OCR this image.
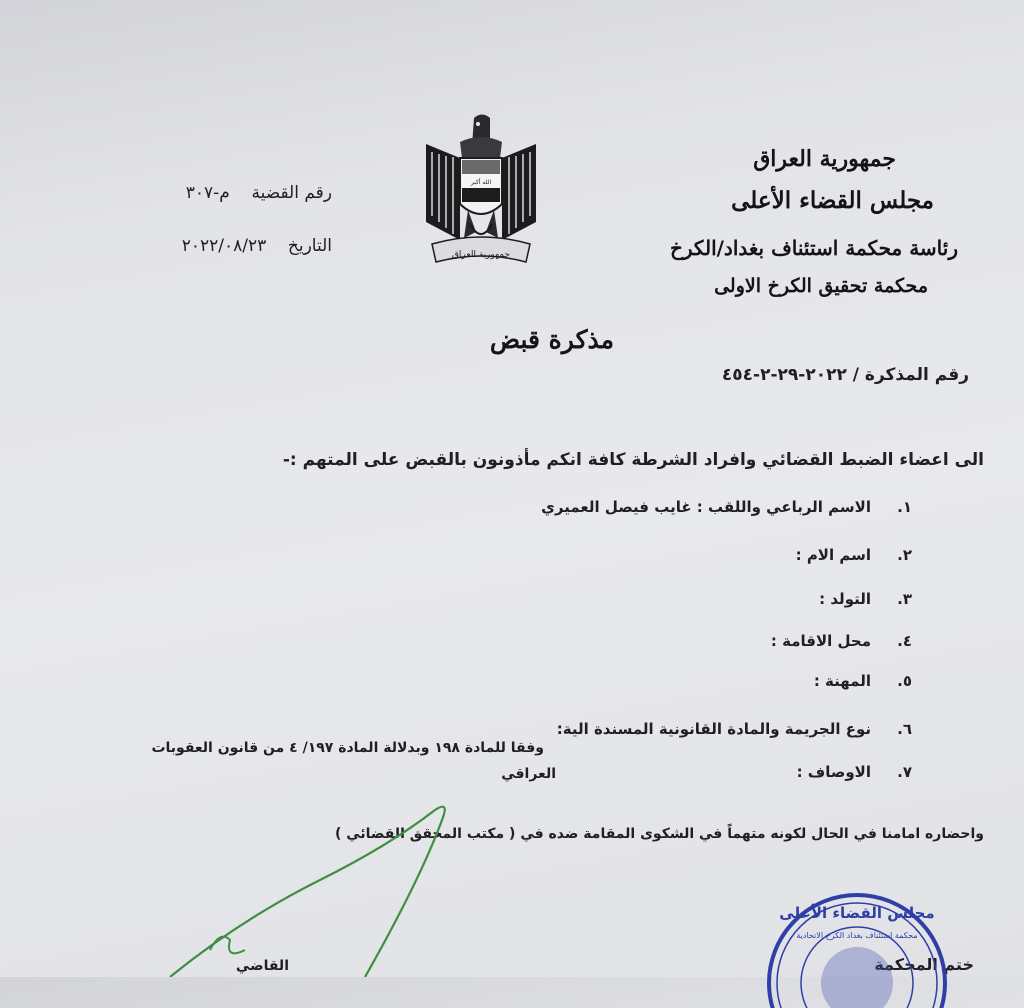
جمهورية العراق
مجلس القضاء الأعلى
رئاسة محكمة استئناف بغداد/الكرخ
محكمة تحقيق الكرخ الاولى
رقم القضية    م-٣٠٧
التاريخ    ٢٠٢٢/٠٨/٢٣
الله أكبر
جمهورية العراق
مذكرة قبض
رقم المذكرة / ٢٠٢٢-٢٩-٢-٤٥٤
الى اعضاء الضبط القضائي وافراد الشرطة كافة انكم مأذونون بالقبض على المتهم :-
١.     الاسم الرباعي واللقب : غايب فيصل العميري
٢.     اسم الام :
٣.     التولد :
٤.     محل الاقامة :
٥.     المهنة :
٦.     نوع الجريمة والمادة القانونية المسندة الية:
وفقا للمادة ١٩٨ وبدلالة المادة ١٩٧/ ٤ من قانون العقوبات
٧.     الاوصاف :
العراقي
واحضاره امامنا في الحال لكونه متهماً في الشكوى المقامة ضده في ( مكتب المحقق القضائي )
القاضي	ختم المحكمة
مجلس القضاء الأعلى
محكمة استئناف بغداد الكرخ الاتحادية
